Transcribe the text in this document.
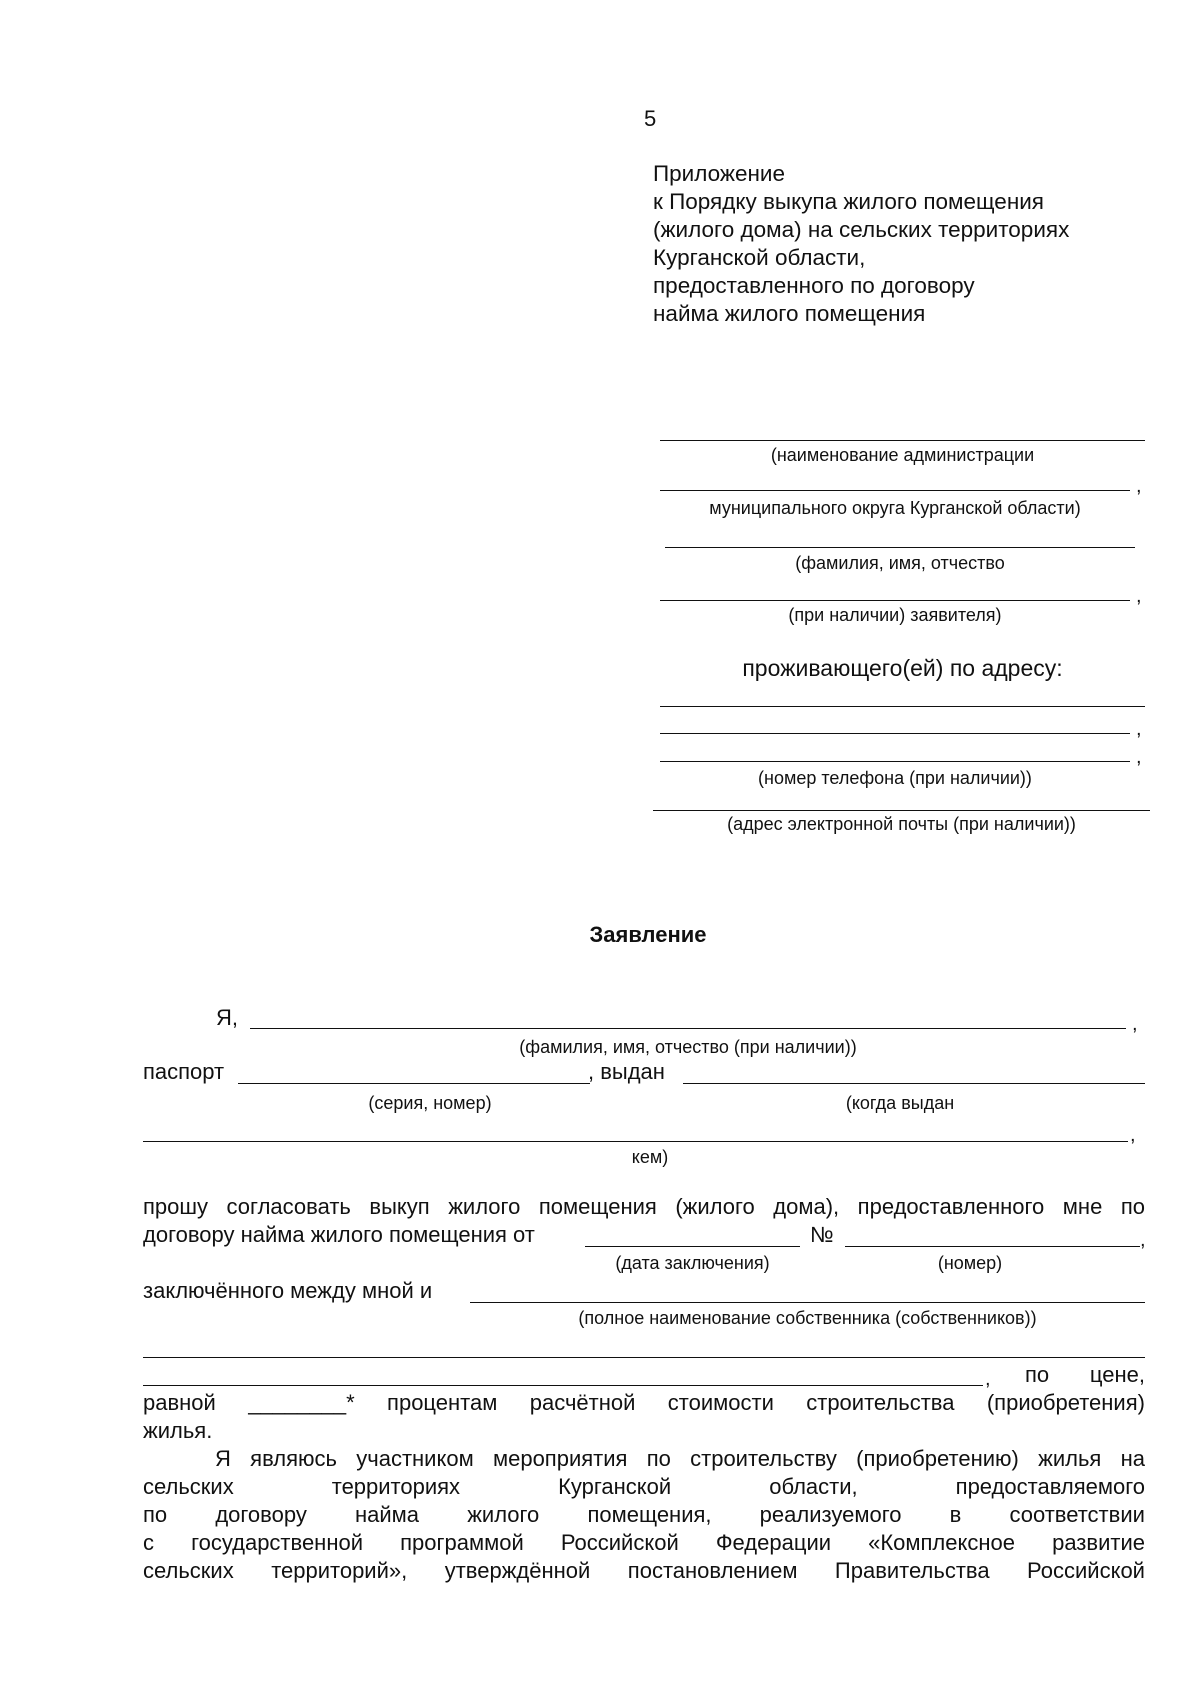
5
Приложение
к Порядку выкупа жилого помещения
(жилого дома) на сельских территориях
Курганской области,
предоставленного по договору
найма жилого помещения
(наименование администрации
,
муниципального округа Курганской области)
(фамилия, имя, отчество
,
(при наличии) заявителя)
проживающего(ей) по адресу:
,
,
(номер телефона (при наличии))
(адрес электронной почты (при наличии))
Заявление
Я,	,
(фамилия, имя, отчество (при наличии))
паспорт	, выдан
(серия, номер)	(когда выдан
,
кем)
прошу согласовать выкуп жилого помещения (жилого дома), предоставленного мне по
договору найма жилого помещения от	№	,
(дата заключения)	(номер)
заключённого между мной и
(полное наименование собственника (собственников))
, по цене,
равной ________* процентам расчётной стоимости строительства (приобретения)
жилья.
Я являюсь участником мероприятия по строительству (приобретению) жилья на
сельских	территориях	Курганской	области,	предоставляемого
по договору найма жилого помещения, реализуемого в соответствии
с государственной программой Российской Федерации «Комплексное развитие
сельских территорий», утверждённой постановлением Правительства Российской
